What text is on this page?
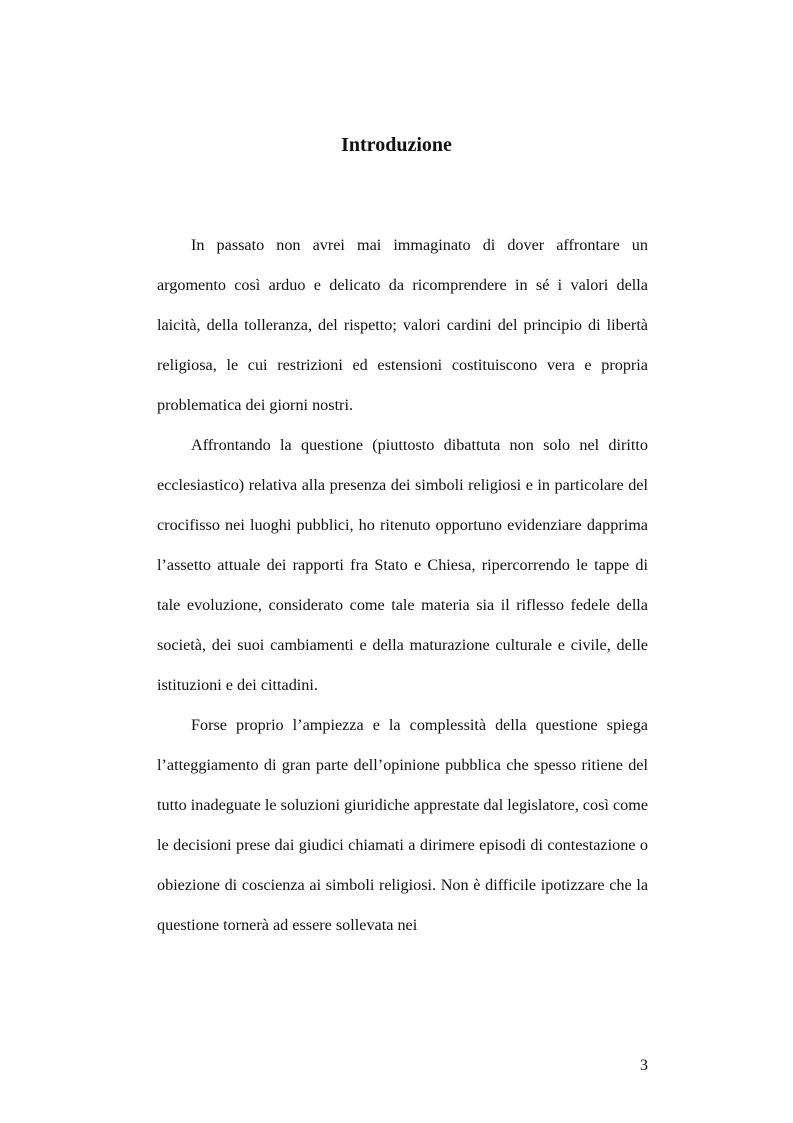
Introduzione

In passato non avrei mai immaginato di dover affrontare un argomento così arduo e delicato da ricomprendere in sé i valori della laicità, della tolleranza, del rispetto; valori cardini del principio di libertà religiosa, le cui restrizioni ed estensioni costituiscono vera e propria problematica dei giorni nostri.

Affrontando la questione (piuttosto dibattuta non solo nel diritto ecclesiastico) relativa alla presenza dei simboli religiosi e in particolare del crocifisso nei luoghi pubblici, ho ritenuto opportuno evidenziare dapprima l’assetto attuale dei rapporti fra Stato e Chiesa, ripercorrendo le tappe di tale evoluzione, considerato come tale materia sia il riflesso fedele della società, dei suoi cambiamenti e della maturazione culturale e civile, delle istituzioni e dei cittadini.

Forse proprio l’ampiezza e la complessità della questione spiega l’atteggiamento di gran parte dell’opinione pubblica che spesso ritiene del tutto inadeguate le soluzioni giuridiche apprestate dal legislatore, così come le decisioni prese dai giudici chiamati a dirimere episodi di contestazione o obiezione di coscienza ai simboli religiosi. Non è difficile ipotizzare che la questione tornerà ad essere sollevata nei

3
